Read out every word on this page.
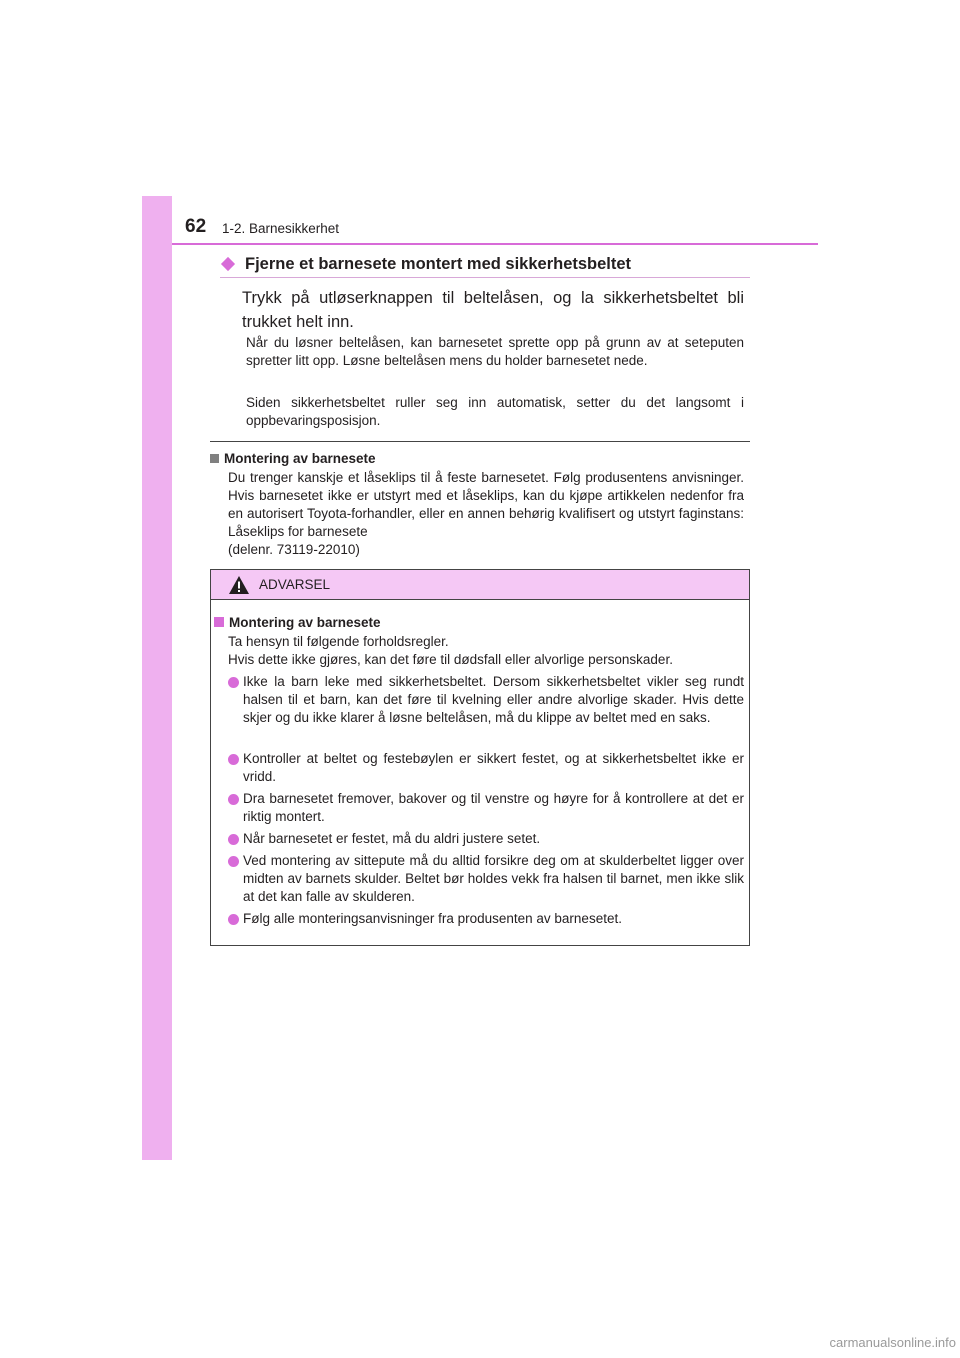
62 1-2. Barnesikkerhet
Fjerne et barnesete montert med sikkerhetsbeltet
Trykk på utløserknappen til beltelåsen, og la sikkerhetsbeltet bli trukket helt inn.
Når du løsner beltelåsen, kan barnesetet sprette opp på grunn av at seteputen spretter litt opp. Løsne beltelåsen mens du holder barnesetet nede.
Siden sikkerhetsbeltet ruller seg inn automatisk, setter du det langsomt i oppbevaringsposisjon.
Montering av barnesete
Du trenger kanskje et låseklips til å feste barnesetet. Følg produsentens anvisninger. Hvis barnesetet ikke er utstyrt med et låseklips, kan du kjøpe artikkelen nedenfor fra en autorisert Toyota-forhandler, eller en annen behørig kvalifisert og utstyrt faginstans: Låseklips for barnesete
(delenr. 73119-22010)
ADVARSEL
Montering av barnesete
Ta hensyn til følgende forholdsregler.
Hvis dette ikke gjøres, kan det føre til dødsfall eller alvorlige personskader.
Ikke la barn leke med sikkerhetsbeltet. Dersom sikkerhetsbeltet vikler seg rundt halsen til et barn, kan det føre til kvelning eller andre alvorlige skader. Hvis dette skjer og du ikke klarer å løsne beltelåsen, må du klippe av beltet med en saks.
Kontroller at beltet og festebøylen er sikkert festet, og at sikkerhetsbeltet ikke er vridd.
Dra barnesetet fremover, bakover og til venstre og høyre for å kontrollere at det er riktig montert.
Når barnesetet er festet, må du aldri justere setet.
Ved montering av sittepute må du alltid forsikre deg om at skulderbeltet ligger over midten av barnets skulder. Beltet bør holdes vekk fra halsen til barnet, men ikke slik at det kan falle av skulderen.
Følg alle monteringsanvisninger fra produsenten av barnesetet.
carmanualsonline.info
